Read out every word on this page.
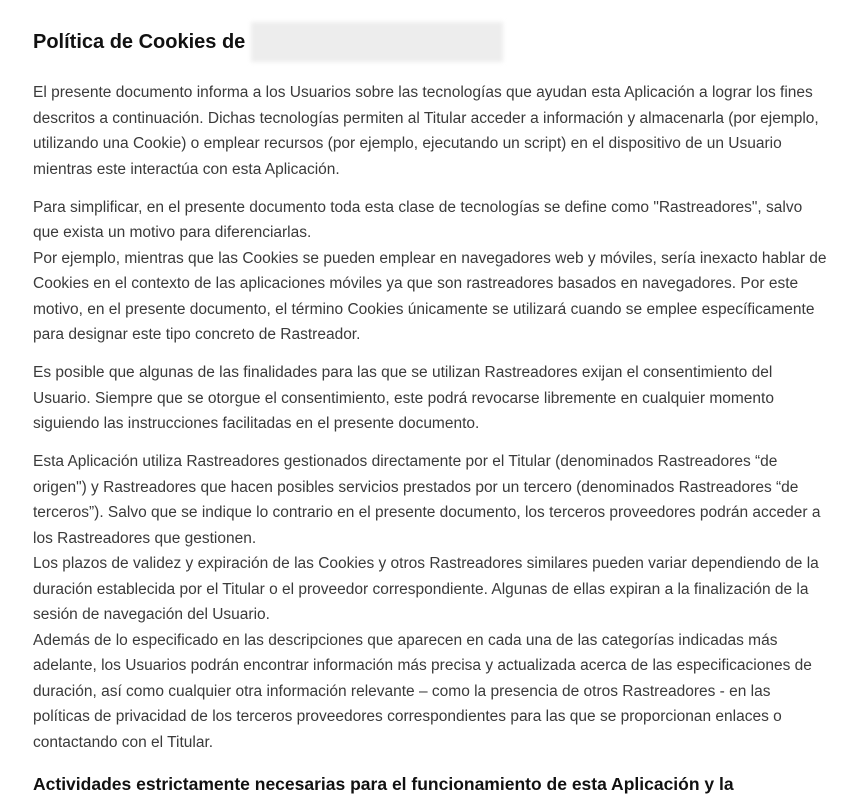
Política de Cookies de

El presente documento informa a los Usuarios sobre las tecnologías que ayudan esta Aplicación a lograr los fines
descritos a continuación. Dichas tecnologías permiten al Titular acceder a información y almacenarla (por ejemplo,
utilizando una Cookie) o emplear recursos (por ejemplo, ejecutando un script) en el dispositivo de un Usuario
mientras este interactúa con esta Aplicación.

Para simplificar, en el presente documento toda esta clase de tecnologías se define como "Rastreadores", salvo
que exista un motivo para diferenciarlas.
Por ejemplo, mientras que las Cookies se pueden emplear en navegadores web y móviles, sería inexacto hablar de
Cookies en el contexto de las aplicaciones móviles ya que son rastreadores basados en navegadores. Por este
motivo, en el presente documento, el término Cookies únicamente se utilizará cuando se emplee específicamente
para designar este tipo concreto de Rastreador.

Es posible que algunas de las finalidades para las que se utilizan Rastreadores exijan el consentimiento del
Usuario. Siempre que se otorgue el consentimiento, este podrá revocarse libremente en cualquier momento
siguiendo las instrucciones facilitadas en el presente documento.

Esta Aplicación utiliza Rastreadores gestionados directamente por el Titular (denominados Rastreadores “de
origen") y Rastreadores que hacen posibles servicios prestados por un tercero (denominados Rastreadores “de
terceros”). Salvo que se indique lo contrario en el presente documento, los terceros proveedores podrán acceder a
los Rastreadores que gestionen.
Los plazos de validez y expiración de las Cookies y otros Rastreadores similares pueden variar dependiendo de la
duración establecida por el Titular o el proveedor correspondiente. Algunas de ellas expiran a la finalización de la
sesión de navegación del Usuario.
Además de lo especificado en las descripciones que aparecen en cada una de las categorías indicadas más
adelante, los Usuarios podrán encontrar información más precisa y actualizada acerca de las especificaciones de
duración, así como cualquier otra información relevante – como la presencia de otros Rastreadores - en las
políticas de privacidad de los terceros proveedores correspondientes para las que se proporcionan enlaces o
contactando con el Titular.

Actividades estrictamente necesarias para el funcionamiento de esta Aplicación y la
